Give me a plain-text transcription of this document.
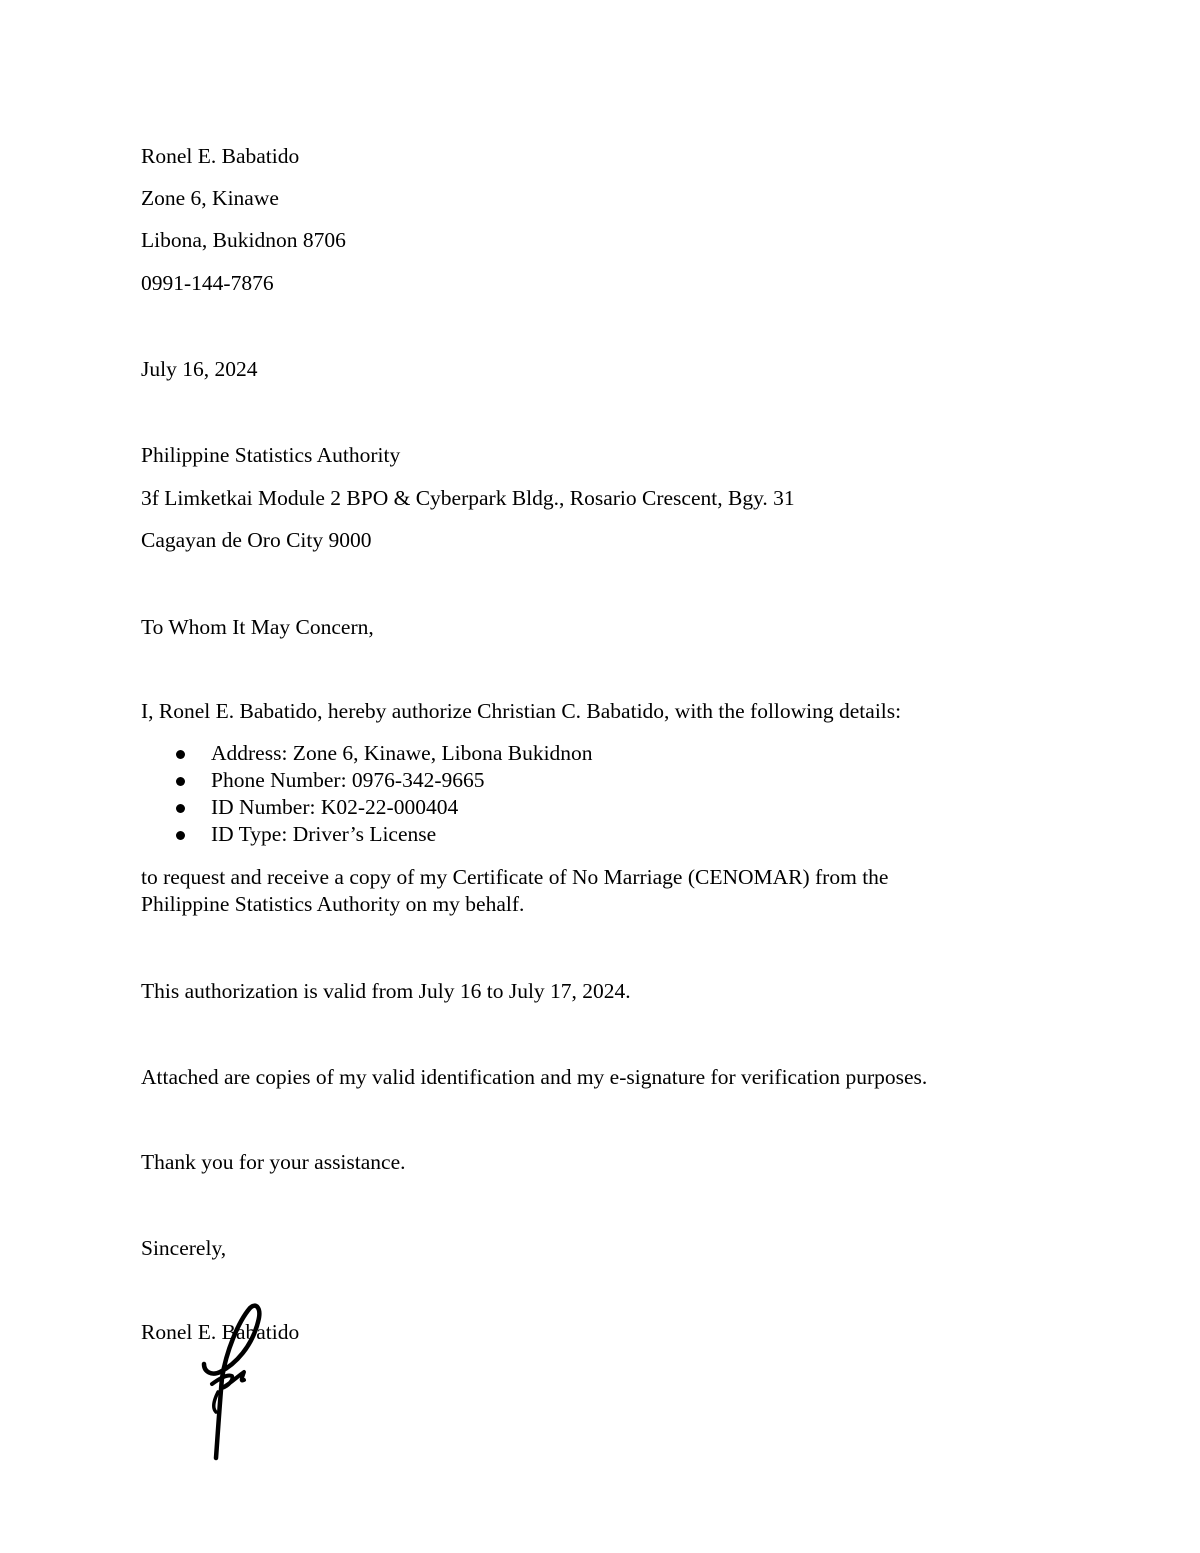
Ronel E. Babatido
Zone 6, Kinawe
Libona, Bukidnon 8706
0991-144-7876
July 16, 2024
Philippine Statistics Authority
3f Limketkai Module 2 BPO & Cyberpark Bldg., Rosario Crescent, Bgy. 31
Cagayan de Oro City 9000
To Whom It May Concern,
I, Ronel E. Babatido, hereby authorize Christian C. Babatido, with the following details:
Address: Zone 6, Kinawe, Libona Bukidnon
Phone Number: 0976-342-9665
ID Number: K02-22-000404
ID Type: Driver’s License
to request and receive a copy of my Certificate of No Marriage (CENOMAR) from the
Philippine Statistics Authority on my behalf.
This authorization is valid from July 16 to July 17, 2024.
Attached are copies of my valid identification and my e-signature for verification purposes.
Thank you for your assistance.
Sincerely,
Ronel E. Babatido
